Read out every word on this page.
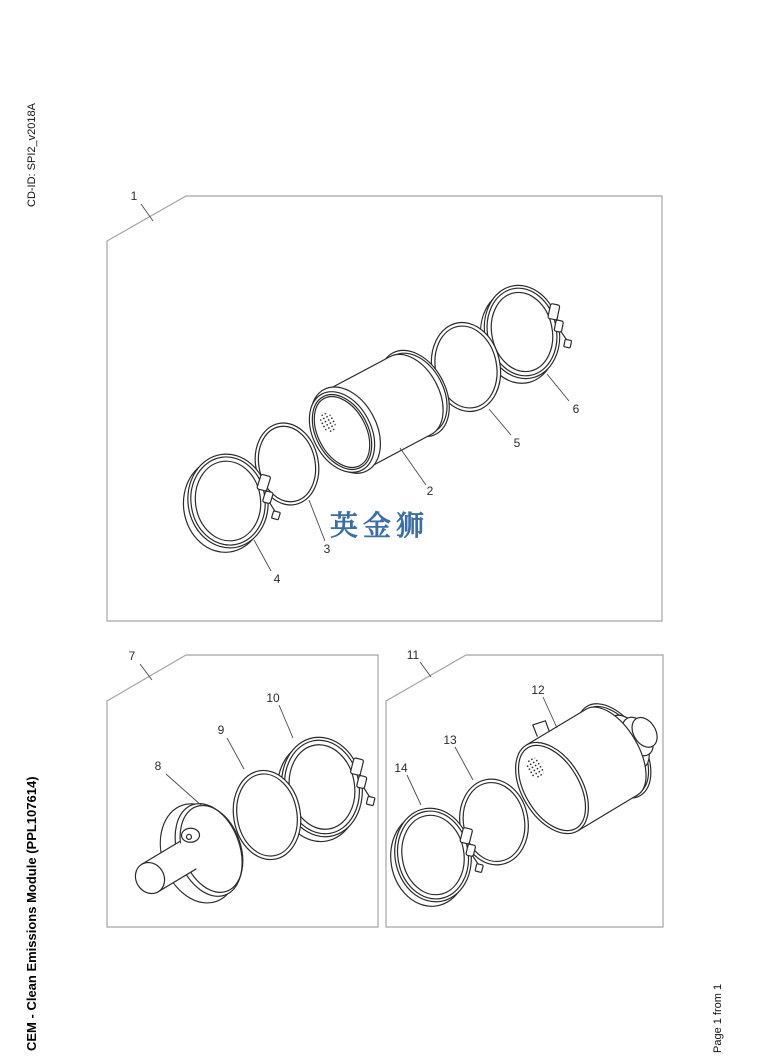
1
2
3
4
5
6
7
8
9
10
11
12
13
14
CD-ID: SPI2_v2018A
CEM - Clean Emissions Module (PPL107614)	Page 1 from 1
英金狮
